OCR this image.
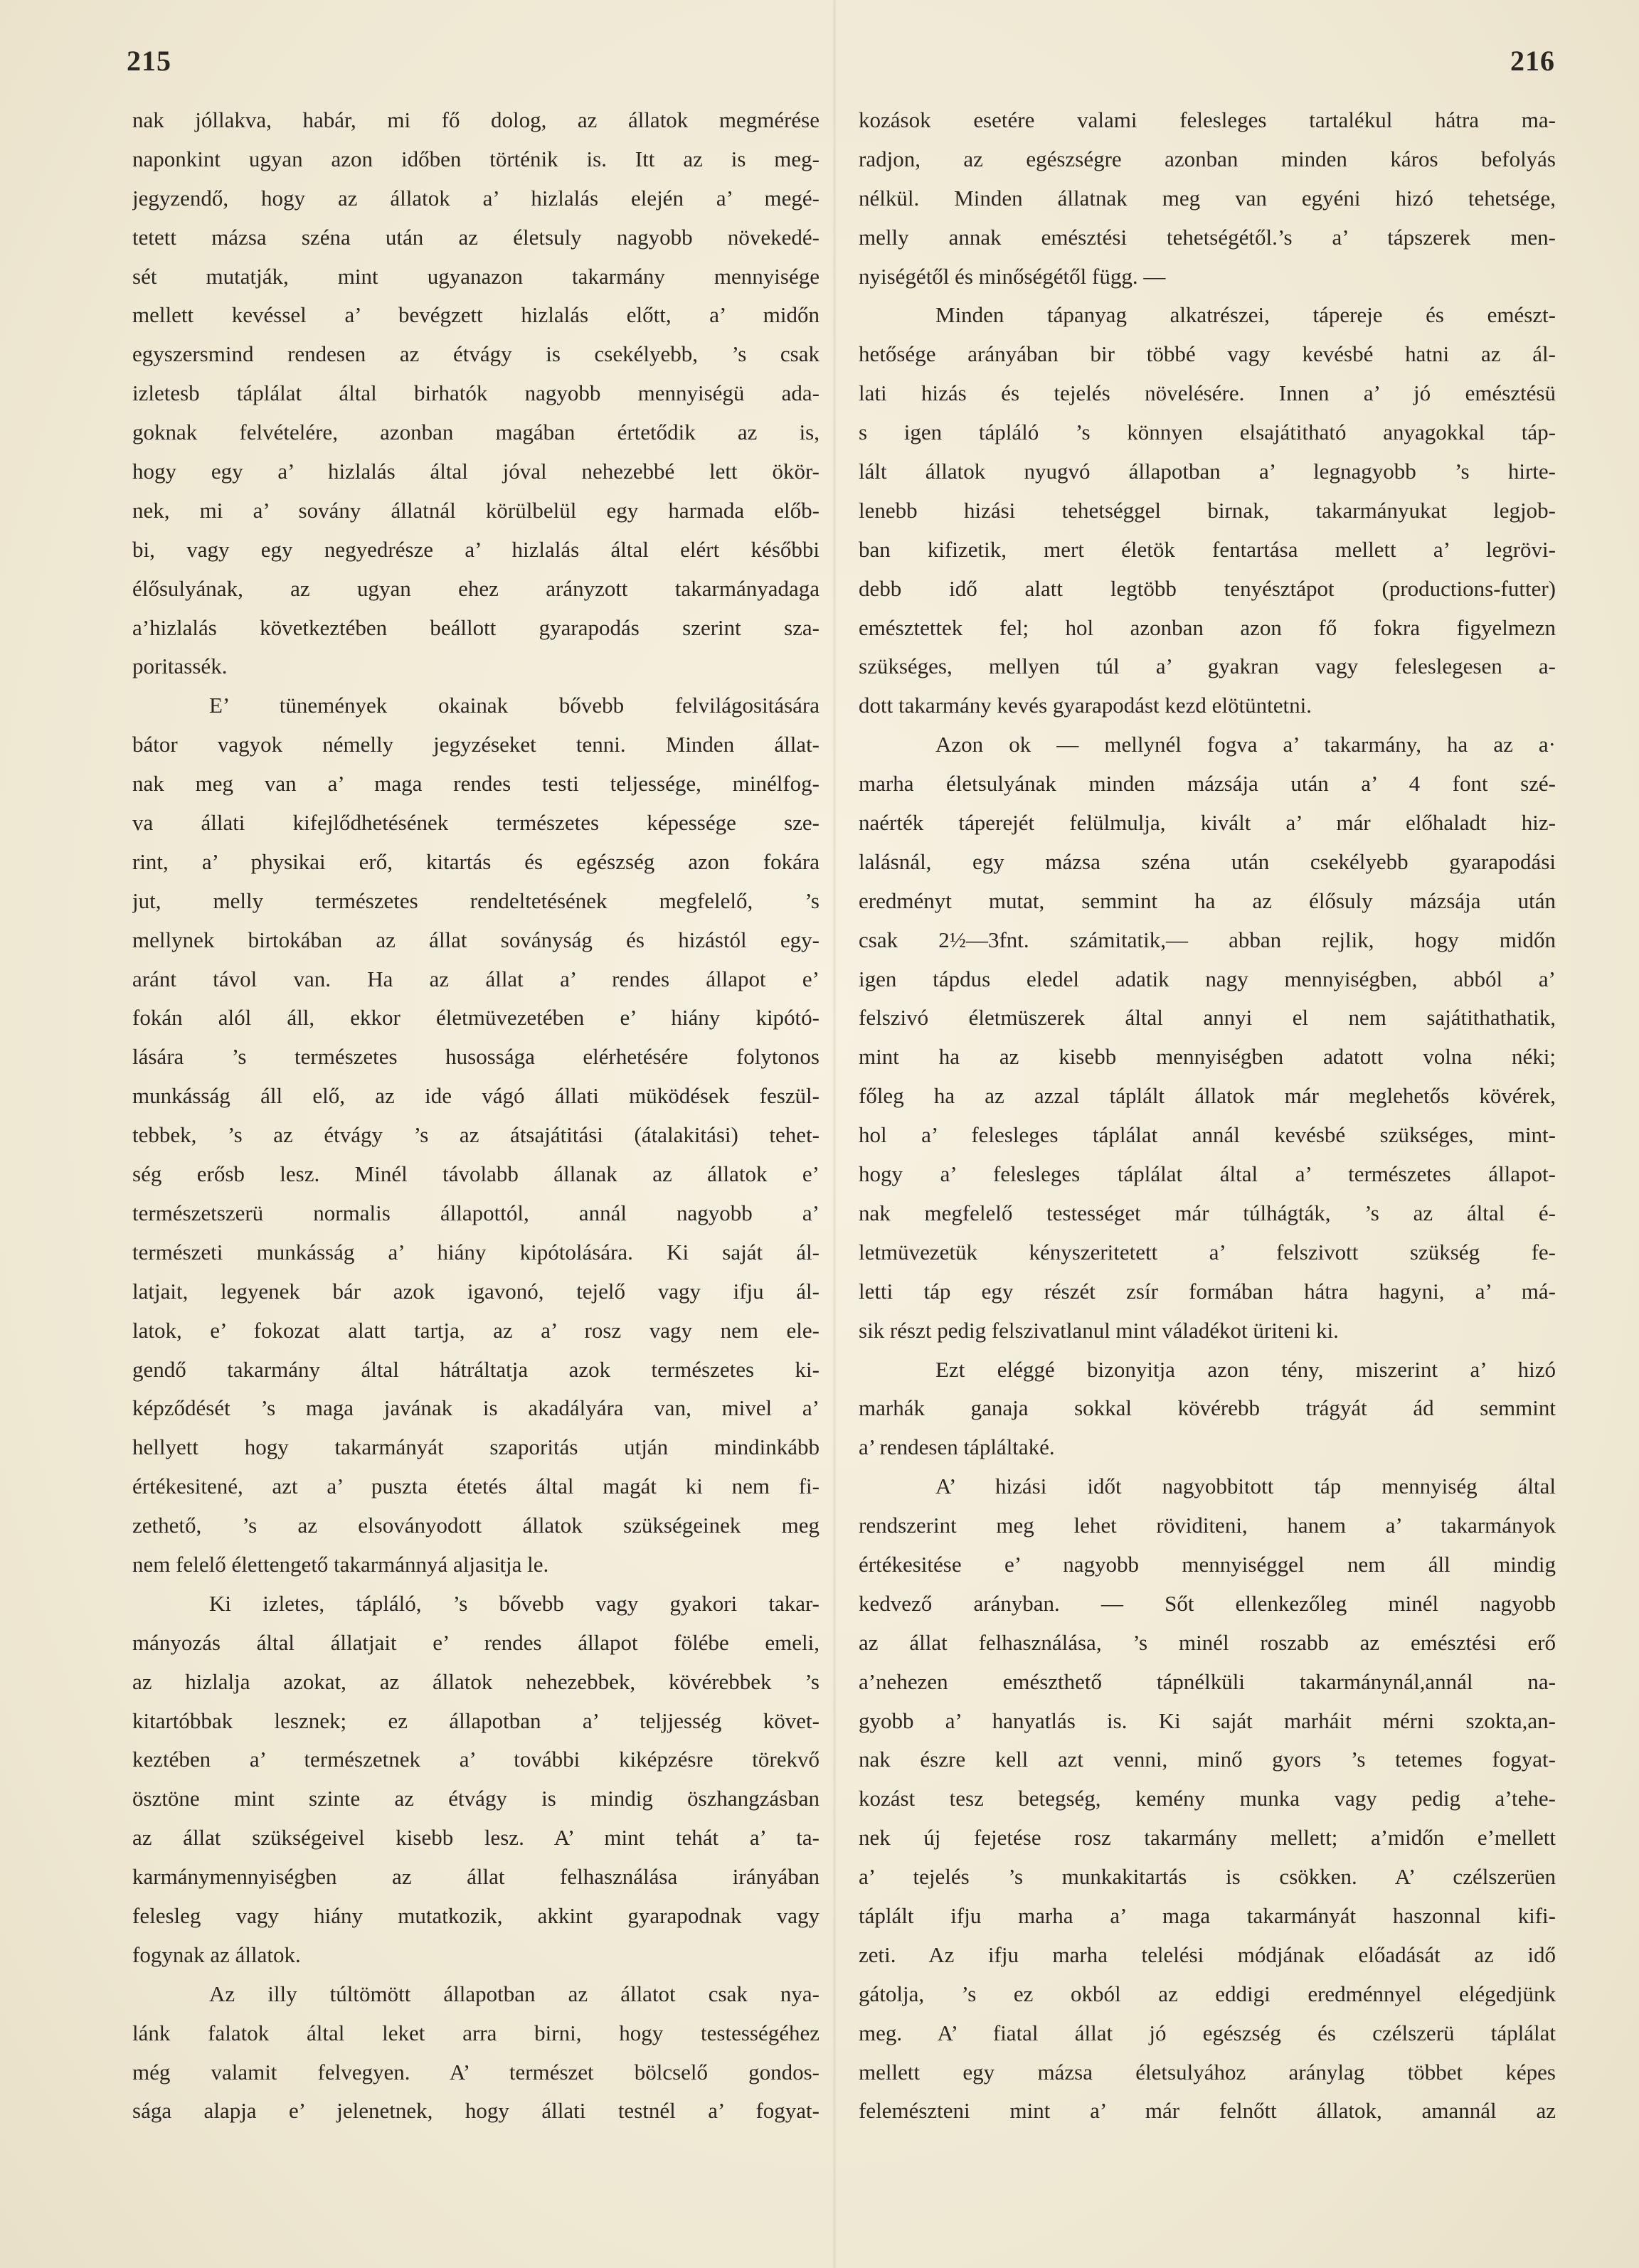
215	216
nak jóllakva, habár, mi fő dolog, az állatok megmérése
naponkint ugyan azon időben történik is. Itt az is meg-
jegyzendő, hogy az állatok a’ hizlalás elején a’ megé-
tetett mázsa széna után az életsuly nagyobb növekedé-
sét mutatják, mint ugyanazon takarmány mennyisége
mellett kevéssel a’ bevégzett hizlalás előtt, a’ midőn
egyszersmind rendesen az étvágy is csekélyebb, ’s csak
izletesb táplálat által birhatók nagyobb mennyiségü ada-
goknak felvételére, azonban magában értetődik az is,
hogy egy a’ hizlalás által jóval nehezebbé lett ökör-
nek, mi a’ sovány állatnál körülbelül egy harmada előb-
bi, vagy egy negyedrésze a’ hizlalás által elért későbbi
élősulyának, az ugyan ehez arányzott takarmányadaga
a’hizlalás következtében beállott gyarapodás szerint sza-
poritassék.
E’ tünemények okainak bővebb felvilágositására
bátor vagyok némelly jegyzéseket tenni. Minden állat-
nak meg van a’ maga rendes testi teljessége, minélfog-
va állati kifejlődhetésének természetes képessége sze-
rint, a’ physikai erő, kitartás és egészség azon fokára
jut, melly természetes rendeltetésének megfelelő, ’s
mellynek birtokában az állat soványság és hizástól egy-
aránt távol van. Ha az állat a’ rendes állapot e’
fokán alól áll, ekkor életmüvezetében e’ hiány kipótó-
lására ’s természetes husossága elérhetésére folytonos
munkásság áll elő, az ide vágó állati müködések feszül-
tebbek, ’s az étvágy ’s az átsajátitási (átalakitási) tehet-
ség erősb lesz. Minél távolabb állanak az állatok e’
természetszerü normalis állapottól, annál nagyobb a’
természeti munkásság a’ hiány kipótolására. Ki saját ál-
latjait, legyenek bár azok igavonó, tejelő vagy ifju ál-
latok, e’ fokozat alatt tartja, az a’ rosz vagy nem ele-
gendő takarmány által hátráltatja azok természetes ki-
képződését ’s maga javának is akadályára van, mivel a’
hellyett hogy takarmányát szaporitás utján mindinkább
értékesitené, azt a’ puszta étetés által magát ki nem fi-
zethető, ’s az elsoványodott állatok szükségeinek meg
nem felelő élettengető takarmánnyá aljasitja le.
Ki izletes, tápláló, ’s bővebb vagy gyakori takar-
mányozás által állatjait e’ rendes állapot fölébe emeli,
az hizlalja azokat, az állatok nehezebbek, kövérebbek ’s
kitartóbbak lesznek; ez állapotban a’ teljjesség követ-
keztében a’ természetnek a’ további kiképzésre törekvő
ösztöne mint szinte az étvágy is mindig öszhangzásban
az állat szükségeivel kisebb lesz. A’ mint tehát a’ ta-
karmánymennyiségben az állat felhasználása irányában
felesleg vagy hiány mutatkozik, akkint gyarapodnak vagy
fogynak az állatok.
Az illy túltömött állapotban az állatot csak nya-
lánk falatok által leket arra birni, hogy testességéhez
még valamit felvegyen. A’ természet bölcselő gondos-
sága alapja e’ jelenetnek, hogy állati testnél a’ fogyat-
kozások esetére valami felesleges tartalékul hátra ma-
radjon, az egészségre azonban minden káros befolyás
nélkül. Minden állatnak meg van egyéni hizó tehetsége,
melly annak emésztési tehetségétől.’s a’ tápszerek men-
nyiségétől és minőségétől függ. —
Minden tápanyag alkatrészei, tápereje és emészt-
hetősége arányában bir többé vagy kevésbé hatni az ál-
lati hizás és tejelés növelésére. Innen a’ jó emésztésü
s igen tápláló ’s könnyen elsajátitható anyagokkal táp-
lált állatok nyugvó állapotban a’ legnagyobb ’s hirte-
lenebb hizási tehetséggel birnak, takarmányukat legjob-
ban kifizetik, mert életök fentartása mellett a’ legrövi-
debb idő alatt legtöbb tenyésztápot (productions-futter)
emésztettek fel; hol azonban azon fő fokra figyelmezn
szükséges, mellyen túl a’ gyakran vagy feleslegesen a-
dott takarmány kevés gyarapodást kezd elötüntetni.
Azon ok — mellynél fogva a’ takarmány, ha az a·
marha életsulyának minden mázsája után a’ 4 font szé-
naérték táperejét felülmulja, kivált a’ már előhaladt hiz-
lalásnál, egy mázsa széna után csekélyebb gyarapodási
eredményt mutat, semmint ha az élősuly mázsája után
csak 2½—3fnt. számitatik,— abban rejlik, hogy midőn
igen tápdus eledel adatik nagy mennyiségben, abból a’
felszivó életmüszerek által annyi el nem sajátithathatik,
mint ha az kisebb mennyiségben adatott volna néki;
főleg ha az azzal táplált állatok már meglehetős kövérek,
hol a’ felesleges táplálat annál kevésbé szükséges, mint-
hogy a’ felesleges táplálat által a’ természetes állapot-
nak megfelelő testességet már túlhágták, ’s az által é-
letmüvezetük kényszeritetett a’ felszivott szükség fe-
letti táp egy részét zsír formában hátra hagyni, a’ má-
sik részt pedig felszivatlanul mint váladékot üriteni ki.
Ezt eléggé bizonyitja azon tény, miszerint a’ hizó
marhák ganaja sokkal kövérebb trágyát ád semmint
a’ rendesen tápláltaké.
A’ hizási időt nagyobbitott táp mennyiség által
rendszerint meg lehet röviditeni, hanem a’ takarmányok
értékesitése e’ nagyobb mennyiséggel nem áll mindig
kedvező arányban. — Sőt ellenkezőleg minél nagyobb
az állat felhasználása, ’s minél roszabb az emésztési erő
a’nehezen emészthető tápnélküli takarmánynál,annál na-
gyobb a’ hanyatlás is. Ki saját marháit mérni szokta,an-
nak észre kell azt venni, minő gyors ’s tetemes fogyat-
kozást tesz betegség, kemény munka vagy pedig a’tehe-
nek új fejetése rosz takarmány mellett; a’midőn e’mellett
a’ tejelés ’s munkakitartás is csökken. A’ czélszerüen
táplált ifju marha a’ maga takarmányát haszonnal kifi-
zeti. Az ifju marha telelési módjának előadását az idő
gátolja, ’s ez okból az eddigi eredménnyel elégedjünk
meg. A’ fiatal állat jó egészség és czélszerü táplálat
mellett egy mázsa életsulyához aránylag többet képes
felemészteni mint a’ már felnőtt állatok, amannál az
